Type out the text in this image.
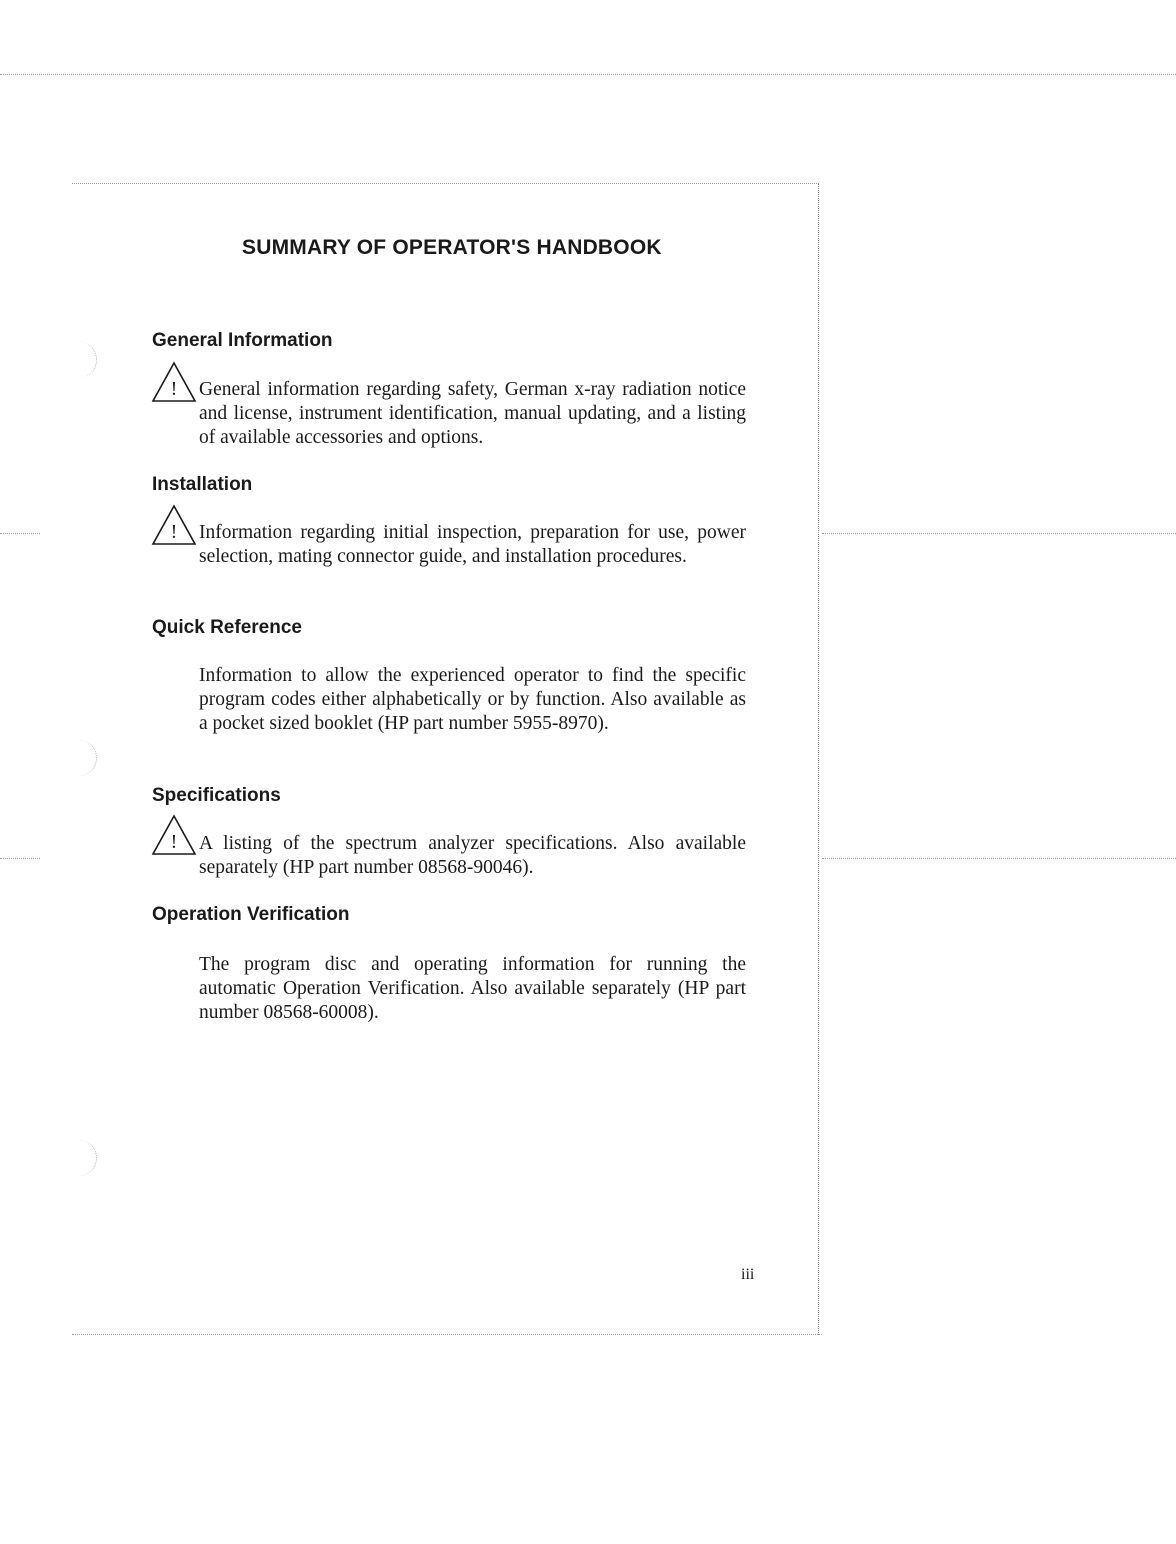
SUMMARY OF OPERATOR'S HANDBOOK
General Information
! General information regarding safety, German x-ray radiation notice and license, instrument identification, manual updating, and a listing of available accessories and options.

Installation
! Information regarding initial inspection, preparation for use, power selection, mating connector guide, and installation procedures.

Quick Reference

Information to allow the experienced operator to find the specific program codes either alphabetically or by function. Also available as a pocket sized booklet (HP part number 5955-8970).

Specifications
! A listing of the spectrum analyzer specifications. Also available separately (HP part number 08568-90046).

Operation Verification

The program disc and operating information for running the automatic Operation Verification. Also available separately (HP part number 08568-60008).

iii
